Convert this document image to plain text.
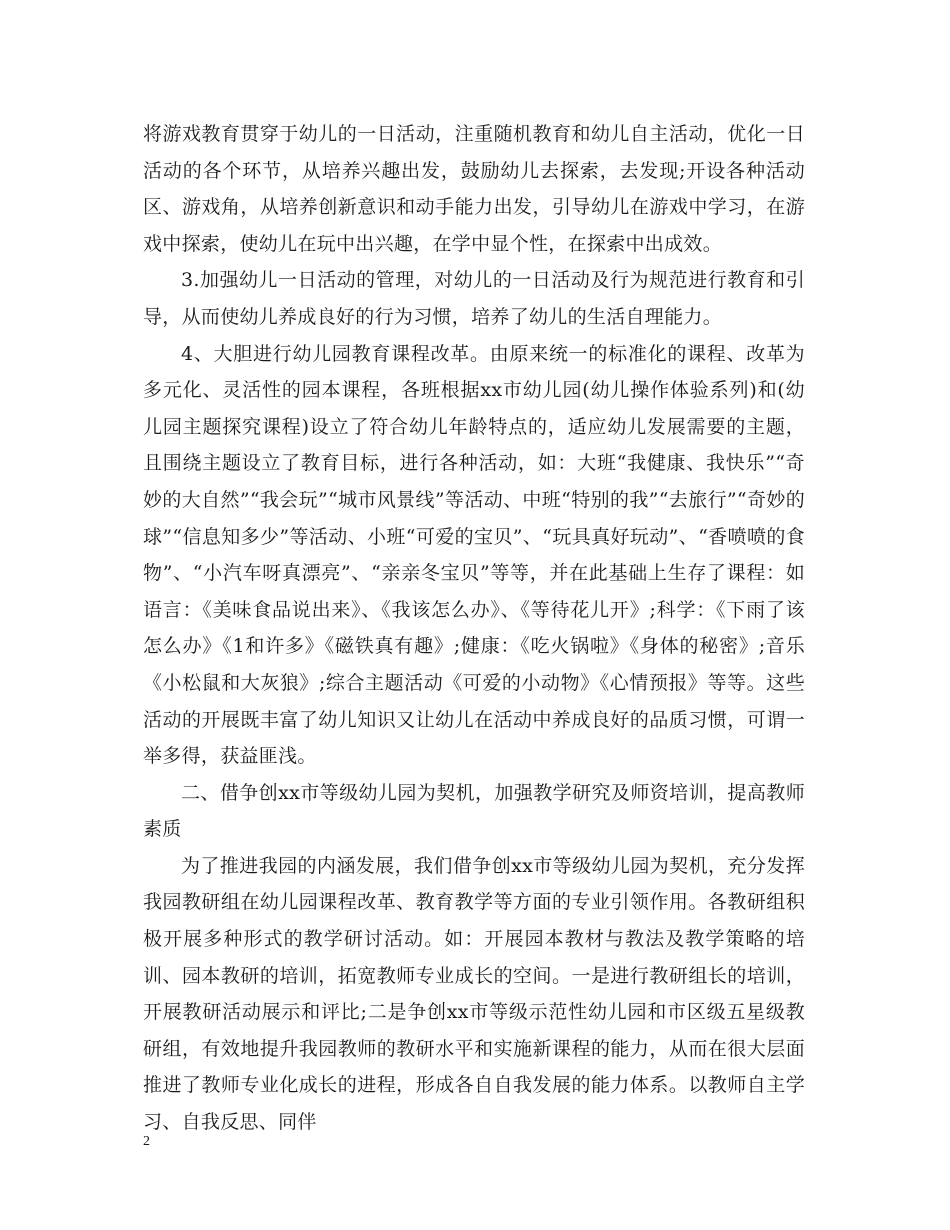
将游戏教育贯穿于幼儿的一日活动，注重随机教育和幼儿自主活动，优化一日活动的各个环节，从培养兴趣出发，鼓励幼儿去探索，去发现;开设各种活动区、游戏角，从培养创新意识和动手能力出发，引导幼儿在游戏中学习，在游戏中探索，使幼儿在玩中出兴趣，在学中显个性，在探索中出成效。

3.加强幼儿一日活动的管理，对幼儿的一日活动及行为规范进行教育和引导，从而使幼儿养成良好的行为习惯，培养了幼儿的生活自理能力。

4、大胆进行幼儿园教育课程改革。由原来统一的标准化的课程、改革为多元化、灵活性的园本课程，各班根据xx市幼儿园(幼儿操作体验系列)和(幼儿园主题探究课程)设立了符合幼儿年龄特点的，适应幼儿发展需要的主题，且围绕主题设立了教育目标，进行各种活动，如：大班“我健康、我快乐”“奇妙的大自然”“我会玩”“城市风景线”等活动、中班“特别的我”“去旅行”“奇妙的球”“信息知多少”等活动、小班“可爱的宝贝”、“玩具真好玩动”、“香喷喷的食物”、“小汽车呀真漂亮”、“亲亲冬宝贝”等等，并在此基础上生存了课程：如语言：《美味食品说出来》、《我该怎么办》、《等待花儿开》;科学：《下雨了该怎么办》《1和许多》《磁铁真有趣》;健康：《吃火锅啦》《身体的秘密》;音乐《小松鼠和大灰狼》;综合主题活动《可爱的小动物》《心情预报》等等。这些活动的开展既丰富了幼儿知识又让幼儿在活动中养成良好的品质习惯，可谓一举多得，获益匪浅。

二、借争创xx市等级幼儿园为契机，加强教学研究及师资培训，提高教师素质

为了推进我园的内涵发展，我们借争创xx市等级幼儿园为契机，充分发挥我园教研组在幼儿园课程改革、教育教学等方面的专业引领作用。各教研组积极开展多种形式的教学研讨活动。如：开展园本教材与教法及教学策略的培训、园本教研的培训，拓宽教师专业成长的空间。一是进行教研组长的培训，开展教研活动展示和评比;二是争创xx市等级示范性幼儿园和市区级五星级教研组，有效地提升我园教师的教研水平和实施新课程的能力，从而在很大层面推进了教师专业化成长的进程，形成各自自我发展的能力体系。以教师自主学习、自我反思、同伴

2
